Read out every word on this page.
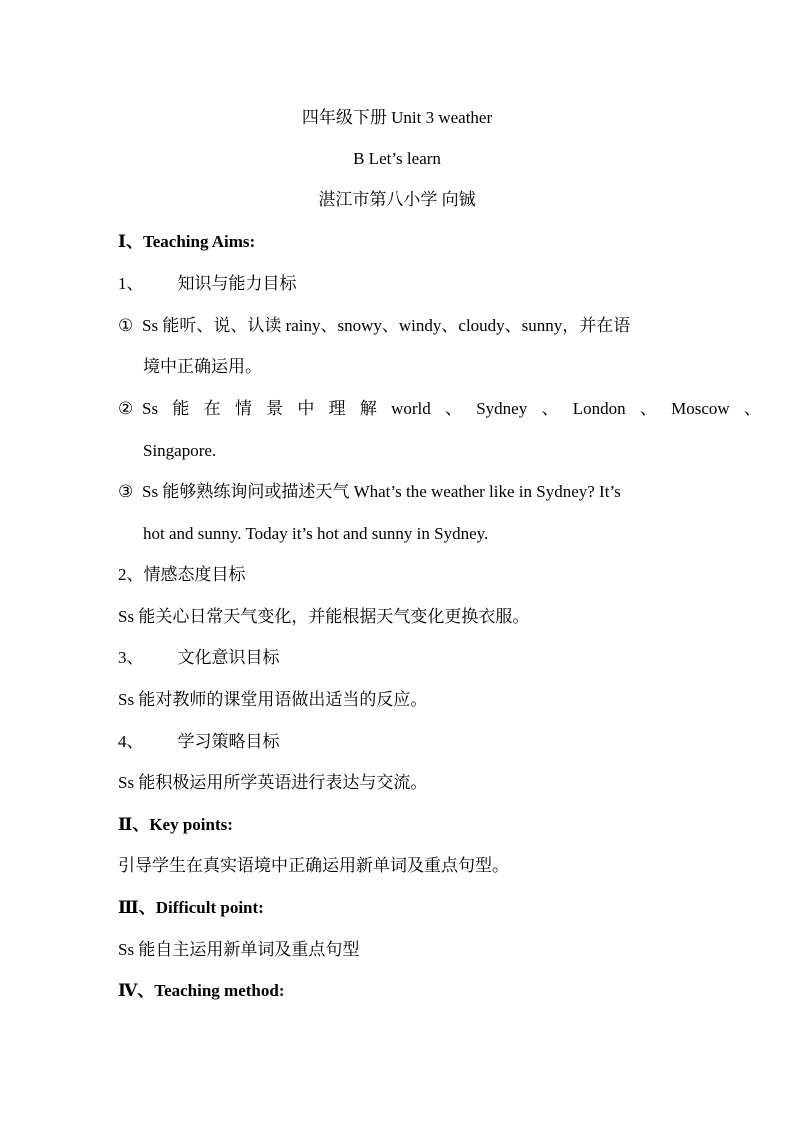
四年级下册 Unit 3 weather
B Let’s learn
湛江市第八小学 向铖
Ⅰ、Teaching Aims:
1、 知识与能力目标
① Ss 能听、说、认读 rainy、snowy、windy、cloudy、sunny，并在语
境中正确运用。
② Ss 能 在 情 景 中 理 解 world 、 Sydney 、 London 、 Moscow 、
Singapore.
③ Ss 能够熟练询问或描述天气 What’s the weather like in Sydney? It’s
hot and sunny. Today it’s hot and sunny in Sydney.
2、情感态度目标
Ss 能关心日常天气变化，并能根据天气变化更换衣服。
3、 文化意识目标
Ss 能对教师的课堂用语做出适当的反应。
4、 学习策略目标
Ss 能积极运用所学英语进行表达与交流。
Ⅱ、Key points:
引导学生在真实语境中正确运用新单词及重点句型。
Ⅲ、Difficult point:
Ss 能自主运用新单词及重点句型
Ⅳ、Teaching method:
